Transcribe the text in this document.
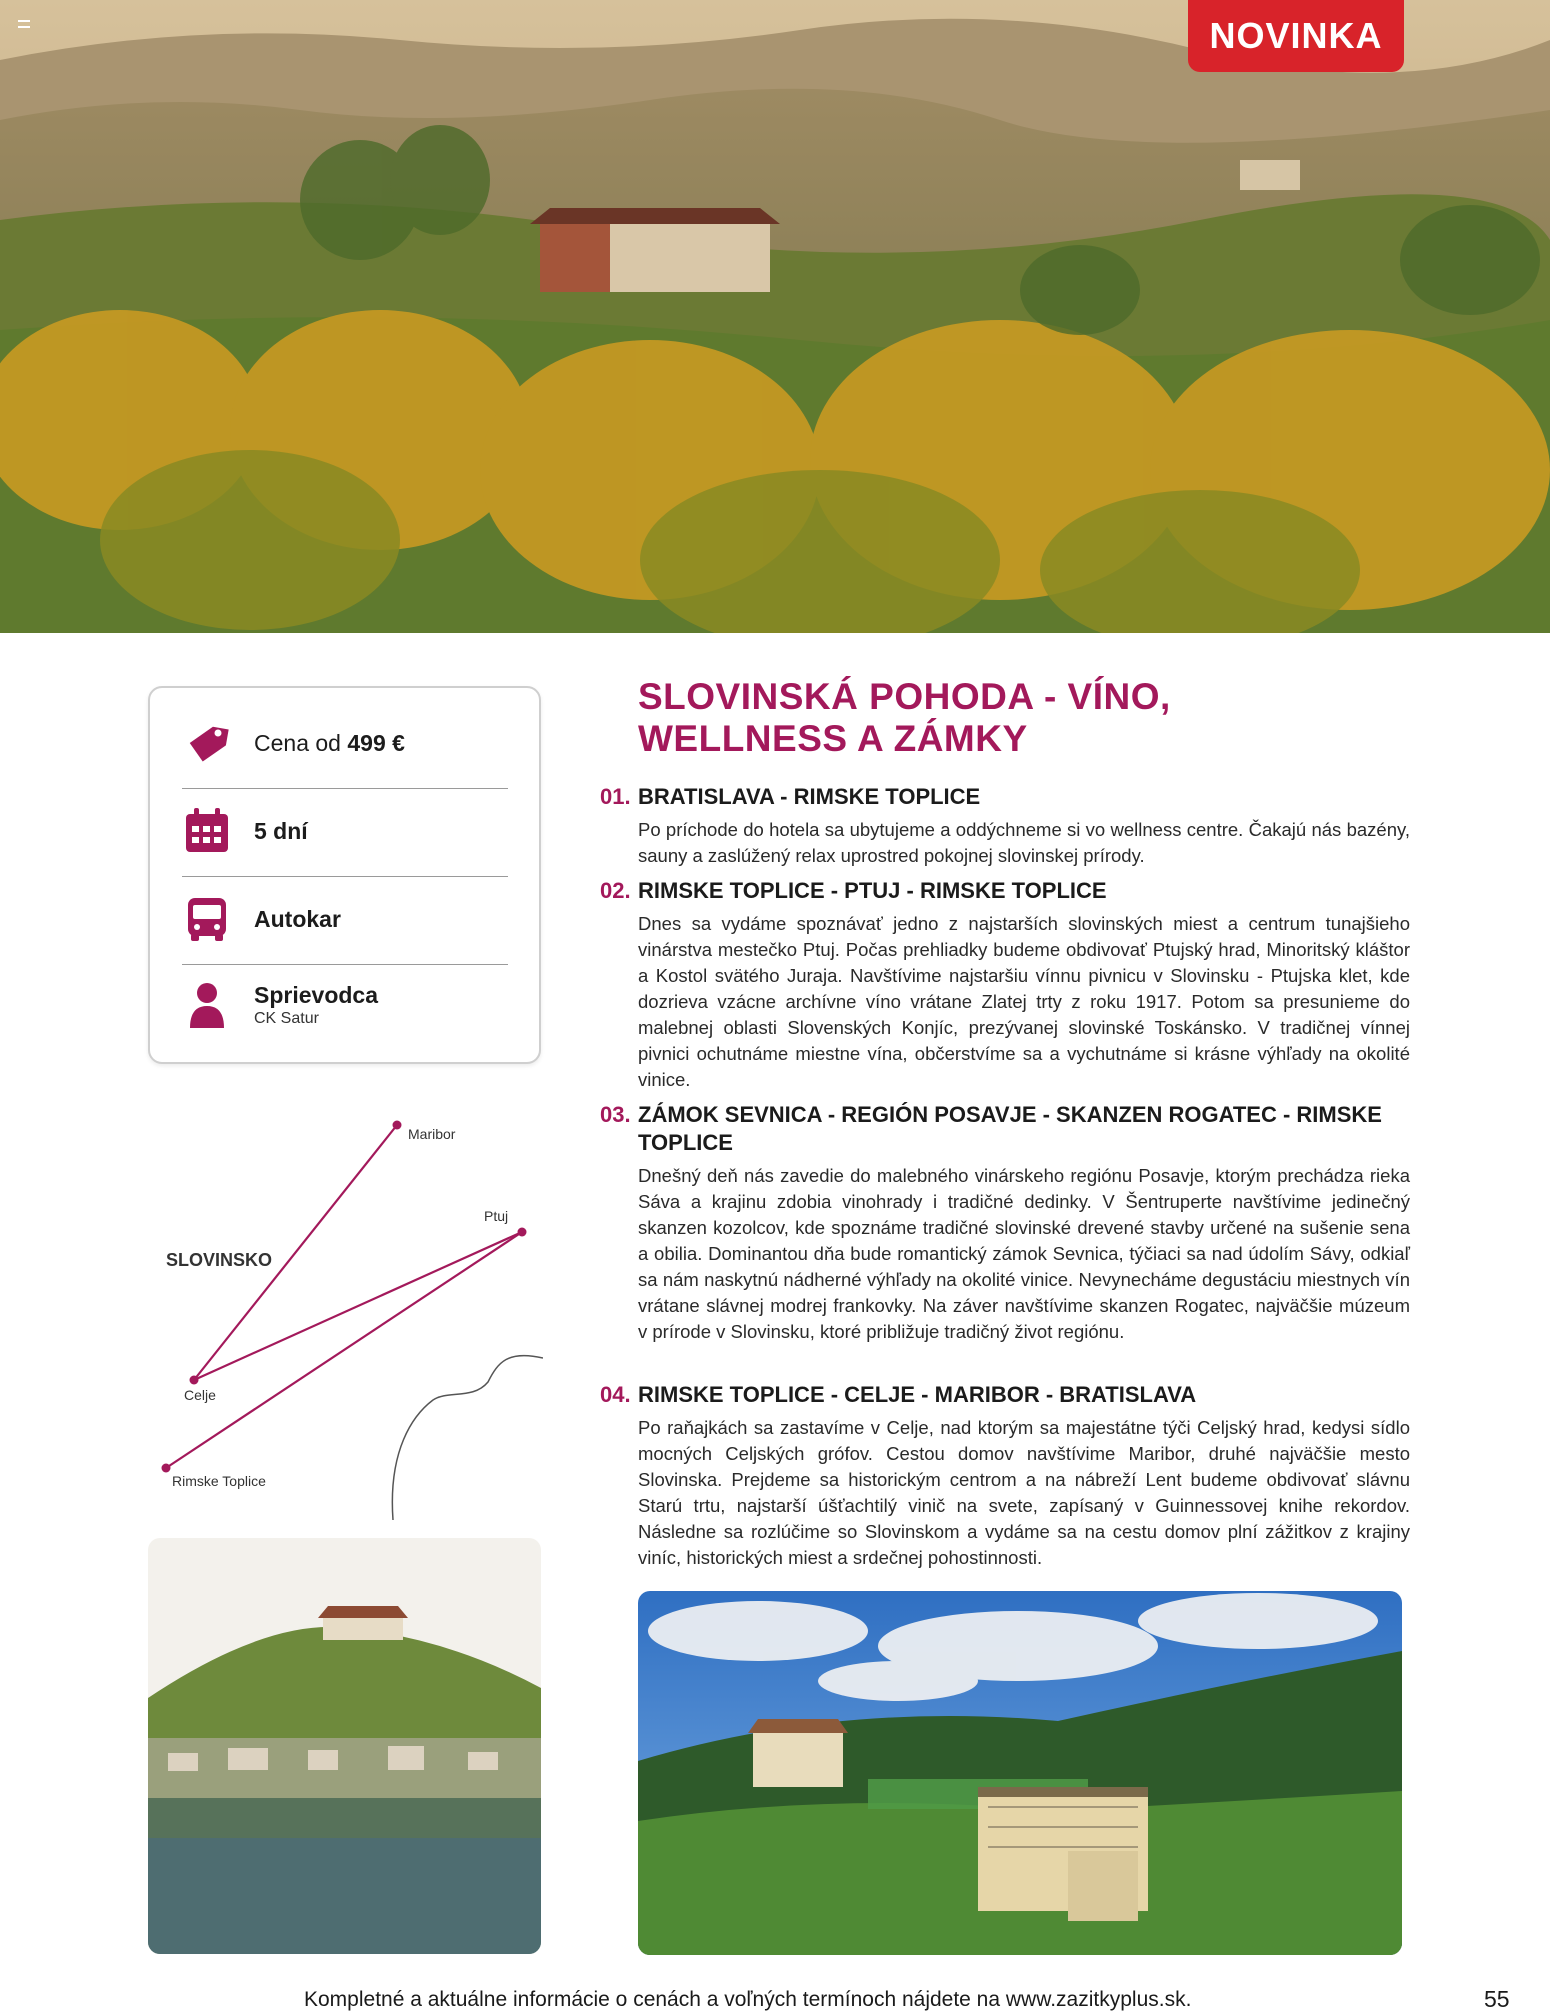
NOVINKA
Cena od 499 €
5 dní
Autokar
Sprievodca
CK Satur
Maribor
Ptuj
Celje
Rimske Toplice
SLOVINSKO
SLOVINSKÁ POHODA - VÍNO,
WELLNESS A ZÁMKY
01. BRATISLAVA - RIMSKE TOPLICE
Po príchode do hotela sa ubytujeme a oddýchneme si vo wellness centre. Čakajú nás bazény, sauny a zaslúžený relax uprostred pokojnej slovinskej prírody.
02. RIMSKE TOPLICE - PTUJ - RIMSKE TOPLICE
Dnes sa vydáme spoznávať jedno z najstarších slovinských miest a centrum tunajšieho vinárstva mestečko Ptuj. Počas prehliadky budeme obdivovať Ptujský hrad, Minoritský kláštor a Kostol svätého Juraja. Navštívime najstaršiu vínnu pivnicu v Slovinsku - Ptujska klet, kde dozrieva vzácne archívne víno vrátane Zlatej trty z roku 1917. Potom sa presunieme do malebnej oblasti Slovenských Konjíc, prezývanej slovinské Toskánsko. V tradičnej vínnej pivnici ochutnáme miestne vína, občerstvíme sa a vychutnáme si krásne výhľady na okolité vinice.
03. ZÁMOK SEVNICA - REGIÓN POSAVJE - SKANZEN ROGATEC - RIMSKE TOPLICE
Dnešný deň nás zavedie do malebného vinárskeho regiónu Posavje, ktorým prechádza rieka Sáva a krajinu zdobia vinohrady i tradičné dedinky. V Šentruperte navštívime jedinečný skanzen kozolcov, kde spoznáme tradičné slovinské drevené stavby určené na sušenie sena a obilia. Dominantou dňa bude romantický zámok Sevnica, týčiaci sa nad údolím Sávy, odkiaľ sa nám naskytnú nádherné výhľady na okolité vinice. Nevynecháme degustáciu miestnych vín vrátane slávnej modrej frankovky. Na záver navštívime skanzen Rogatec, najväčšie múzeum v prírode v Slovinsku, ktoré približuje tradičný život regiónu.
04. RIMSKE TOPLICE - CELJE - MARIBOR - BRATISLAVA
Po raňajkách sa zastavíme v Celje, nad ktorým sa majestátne týči Celjský hrad, kedysi sídlo mocných Celjských grófov. Cestou domov navštívime Maribor, druhé najväčšie mesto Slovinska. Prejdeme sa historickým centrom a na nábreží Lent budeme obdivovať slávnu Starú trtu, najstarší úšťachtilý vinič na svete, zapísaný v Guinnessovej knihe rekordov. Následne sa rozlúčime so Slovinskom a vydáme sa na cestu domov plní zážitkov z krajiny viníc, historických miest a srdečnej pohostinnosti.
Kompletné a aktuálne informácie o cenách a voľných termínoch nájdete na www.zazitkyplus.sk.	55
